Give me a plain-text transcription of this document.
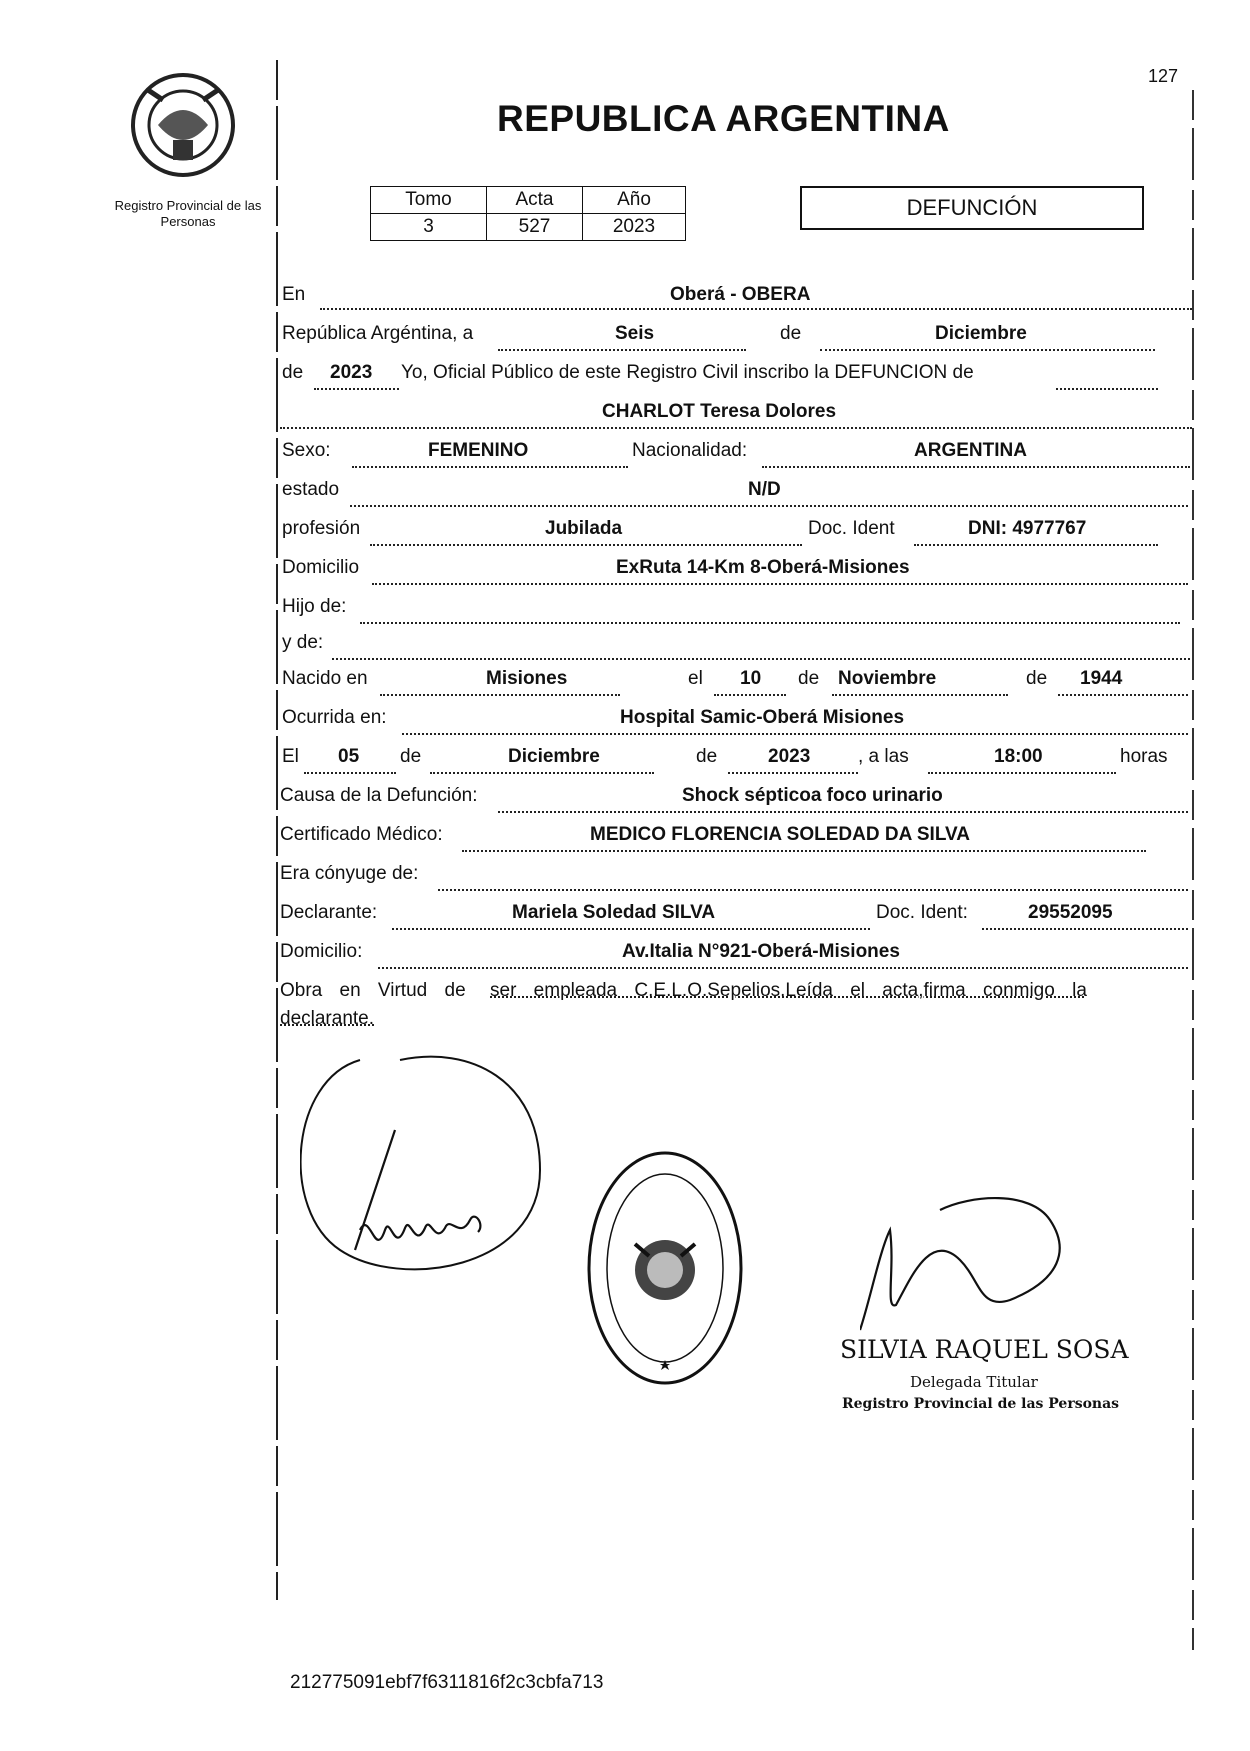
Registro Provincial de las Personas
127
REPUBLICA ARGENTINA
Tomo	Acta	Año
3	527	2023
DEFUNCIÓN
En	Oberá - OBERA
República Argéntina, a	Seis	de	Diciembre
de 2023 Yo, Oficial Público de este Registro Civil inscribo la DEFUNCION de
CHARLOT Teresa Dolores
Sexo:	FEMENINO	Nacionalidad:	ARGENTINA
estado	N/D
profesión	Jubilada	Doc. Ident	DNI: 4977767
Domicilio	ExRuta 14-Km 8-Oberá-Misiones
Hijo de:
y de:
Nacido en	Misiones	el 10 de Noviembre	de 1944
Ocurrida en:	Hospital Samic-Oberá Misiones
El 05 de	Diciembre	de	2023	, a las	18:00	horas
Causa de la Defunción:	Shock sépticoa foco urinario
Certificado Médico:	MEDICO FLORENCIA SOLEDAD DA SILVA
Era cónyuge de:
Declarante:	Mariela Soledad SILVA	Doc. Ident:	29552095
Domicilio:	Av.Italia N°921-Oberá-Misiones
Obra en Virtud de ser empleada C.E.L.O.Sepelios.Leída el acta,firma conmigo la
declarante.
SILVIA RAQUEL SOSA
Delegada Titular
Registro Provincial de las Personas
212775091ebf7f6311816f2c3cbfa713
